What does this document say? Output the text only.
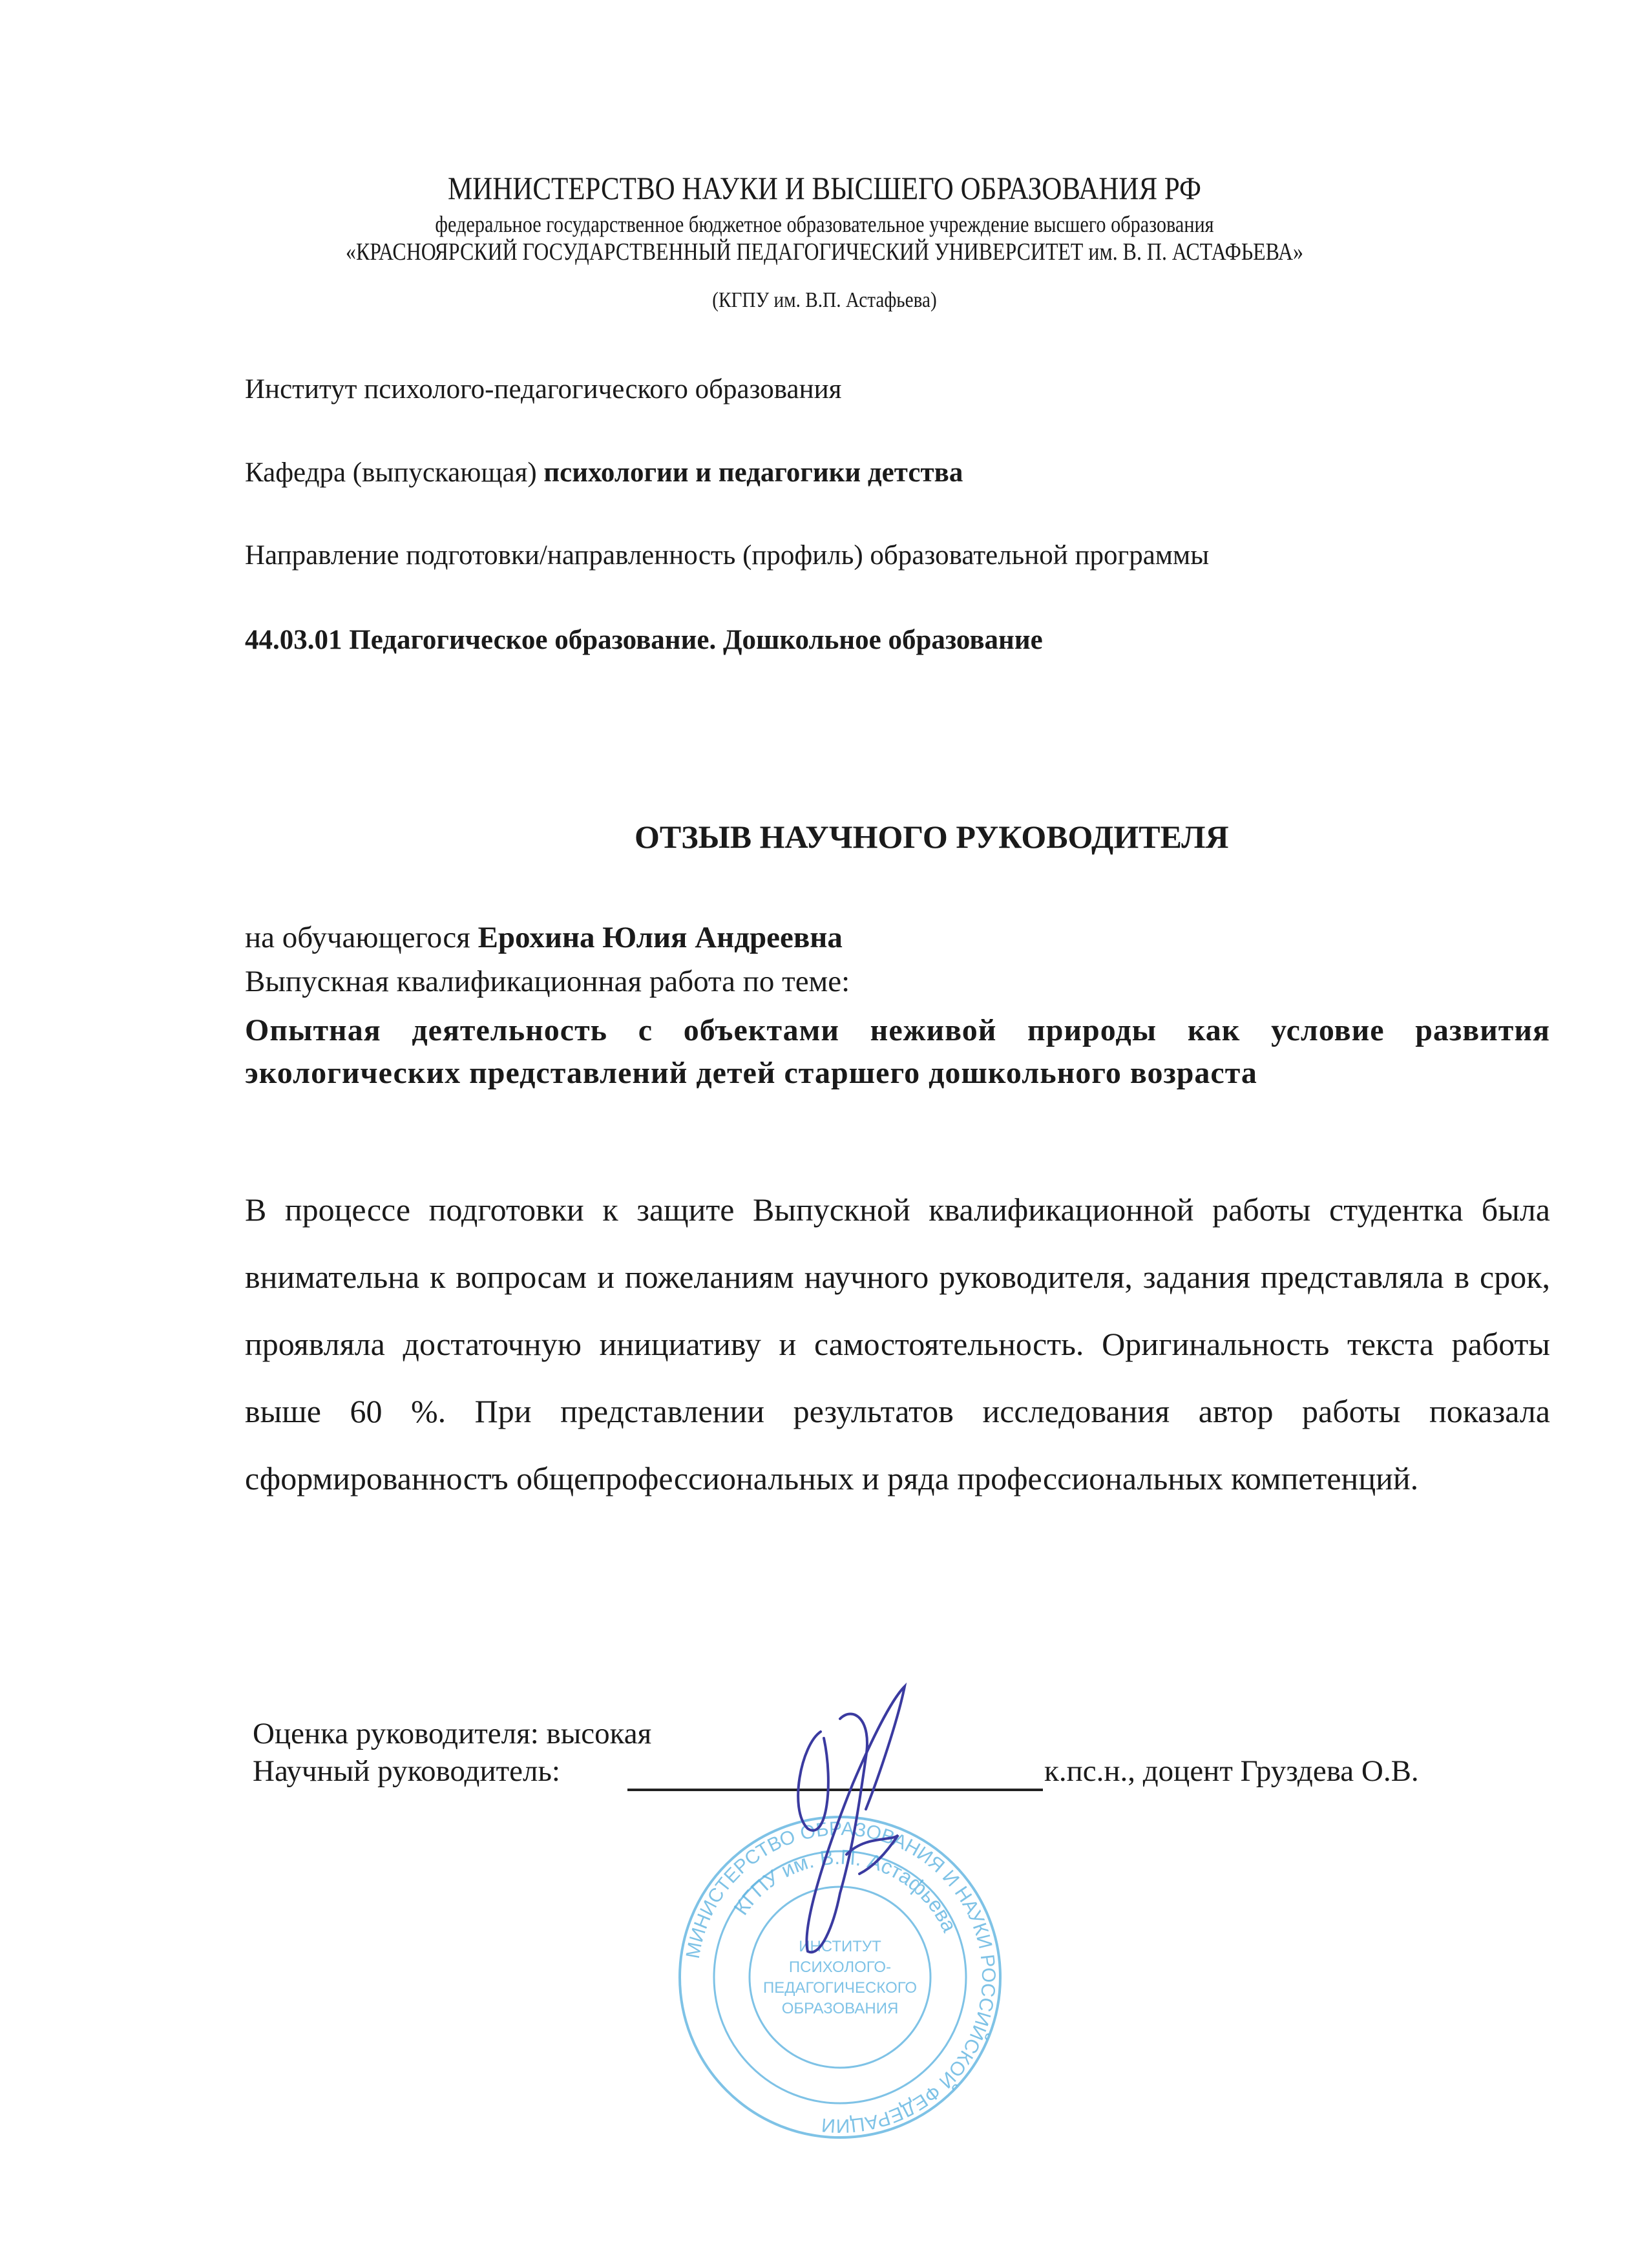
МИНИСТЕРСТВО НАУКИ И ВЫСШЕГО ОБРАЗОВАНИЯ РФ
федеральное государственное бюджетное образовательное учреждение высшего образования
«КРАСНОЯРСКИЙ ГОСУДАРСТВЕННЫЙ ПЕДАГОГИЧЕСКИЙ УНИВЕРСИТЕТ им. В. П. АСТАФЬЕВА»
(КГПУ им. В.П. Астафьева)
Институт психолого-педагогического образования
Кафедра (выпускающая) психологии и педагогики детства
Направление подготовки/направленность (профиль) образовательной программы
44.03.01 Педагогическое образование. Дошкольное образование
ОТЗЫВ НАУЧНОГО РУКОВОДИТЕЛЯ
на обучающегося Ерохина Юлия Андреевна
Выпускная квалификационная работа по теме:
Опытная деятельность с объектами неживой природы как условие развития экологических представлений детей старшего дошкольного возраста
В процессе подготовки к защите Выпускной квалификационной работы студентка была внимательна к вопросам и пожеланиям научного руководителя, задания представляла в срок, проявляла достаточную инициативу и самостоятельность. Оригинальность текста работы выше 60 %. При представлении результатов исследования автор работы показала сформированностъ общепрофессиональных и ряда профессиональных компетенций.
Оценка руководителя: высокая
Научный руководитель:	к.пс.н., доцент Груздева О.В.
МИНИСТЕРСТВО ОБРАЗОВАНИЯ И НАУКИ РОССИЙСКОЙ ФЕДЕРАЦИИ
КГПУ им. В.П. Астафьева
ИНСТИТУТ
ПСИХОЛОГО-
ПЕДАГОГИЧЕСКОГО
ОБРАЗОВАНИЯ
